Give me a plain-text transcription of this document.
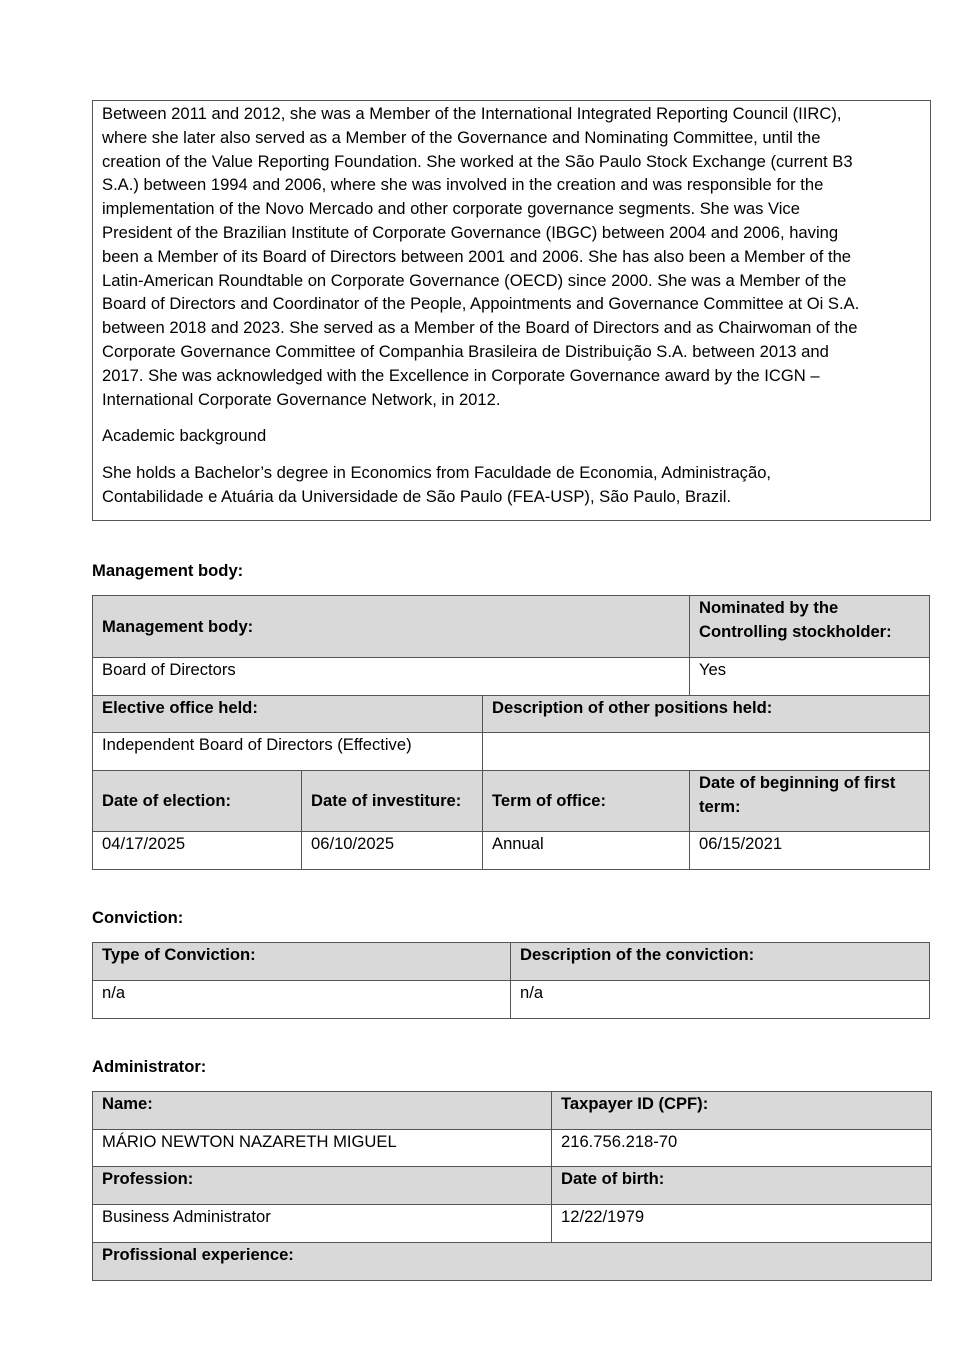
Between 2011 and 2012, she was a Member of the International Integrated Reporting Council (IIRC),

where she later also served as a Member of the Governance and Nominating Committee, until the

creation of the Value Reporting Foundation. She worked at the São Paulo Stock Exchange (current B3

S.A.) between 1994 and 2006, where she was involved in the creation and was responsible for the

implementation of the Novo Mercado and other corporate governance segments. She was Vice

President of the Brazilian Institute of Corporate Governance (IBGC) between 2004 and 2006, having

been a Member of its Board of Directors between 2001 and 2006. She has also been a Member of the

Latin-American Roundtable on Corporate Governance (OECD) since 2000. She was a Member of the

Board of Directors and Coordinator of the People, Appointments and Governance Committee at Oi S.A.

between 2018 and 2023. She served as a Member of the Board of Directors and as Chairwoman of the

Corporate Governance Committee of Companhia Brasileira de Distribuição S.A. between 2013 and

2017. She was acknowledged with the Excellence in Corporate Governance award by the ICGN –

International Corporate Governance Network, in 2012.

Academic background

She holds a Bachelor’s degree in Economics from Faculdade de Economia, Administração,

Contabilidade e Atuária da Universidade de São Paulo (FEA-USP), São Paulo, Brazil.

Management body:
Management body:			Nominated by the
Controlling stockholder:
Board of Directors			Yes
Elective office held:		Description of other positions held:	
Independent Board of Directors (Effective)			
Date of election:	Date of investiture:	Term of office:	Date of beginning of first
term:
04/17/2025	06/10/2025	Annual	06/15/2021
Conviction:
Type of Conviction:	Description of the conviction:
n/a	n/a
Administrator:
Name:	Taxpayer ID (CPF):
MÁRIO NEWTON NAZARETH MIGUEL	216.756.218-70
Profession:	Date of birth:
Business Administrator	12/22/1979
Profissional experience:	
